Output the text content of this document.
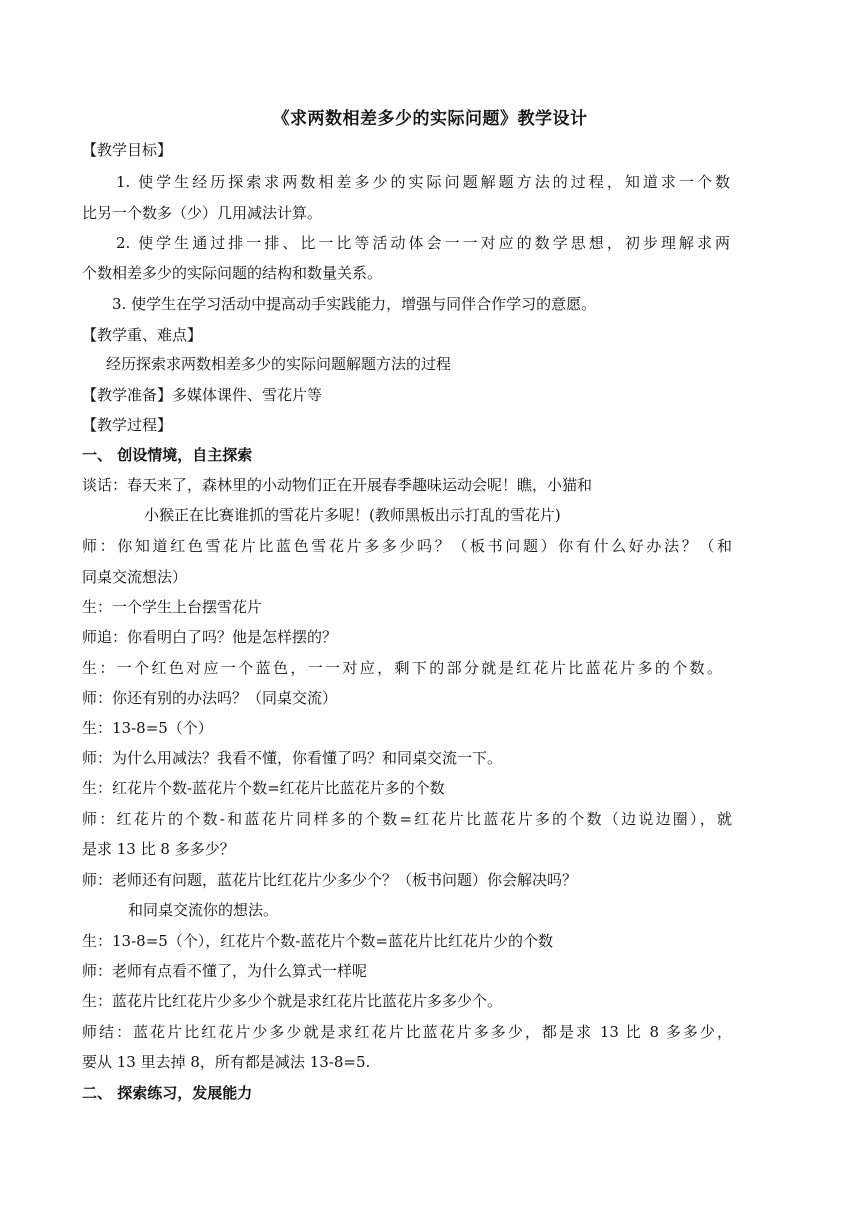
《求两数相差多少的实际问题》教学设计
【教学目标】
1. 使学生经历探索求两数相差多少的实际问题解题方法的过程，知道求一个数
比另一个数多（少）几用减法计算。
2. 使学生通过排一排、比一比等活动体会一一对应的数学思想，初步理解求两
个数相差多少的实际问题的结构和数量关系。
3. 使学生在学习活动中提高动手实践能力，增强与同伴合作学习的意愿。
【教学重、难点】
经历探索求两数相差多少的实际问题解题方法的过程
【教学准备】多媒体课件、雪花片等
【教学过程】
一、 创设情境，自主探索
谈话：春天来了，森林里的小动物们正在开展春季趣味运动会呢！瞧，小猫和
小猴正在比赛谁抓的雪花片多呢！(教师黑板出示打乱的雪花片)
师：你知道红色雪花片比蓝色雪花片多多少吗？（板书问题）你有什么好办法？（和
同桌交流想法）
生：一个学生上台摆雪花片
师追：你看明白了吗？他是怎样摆的？
生：一个红色对应一个蓝色，一一对应，剩下的部分就是红花片比蓝花片多的个数。
师：你还有别的办法吗？（同桌交流）
生：13-8=5（个）
师：为什么用减法？我看不懂，你看懂了吗？和同桌交流一下。
生：红花片个数-蓝花片个数=红花片比蓝花片多的个数
师：红花片的个数-和蓝花片同样多的个数=红花片比蓝花片多的个数（边说边圈），就
是求 13 比 8 多多少？
师：老师还有问题，蓝花片比红花片少多少个？（板书问题）你会解决吗？
和同桌交流你的想法。
生：13-8=5（个），红花片个数-蓝花片个数=蓝花片比红花片少的个数
师：老师有点看不懂了，为什么算式一样呢
生：蓝花片比红花片少多少个就是求红花片比蓝花片多多少个。
师结：蓝花片比红花片少多少就是求红花片比蓝花片多多少，都是求 13 比 8 多多少，
要从 13 里去掉 8，所有都是减法 13-8=5.
二、 探索练习，发展能力
